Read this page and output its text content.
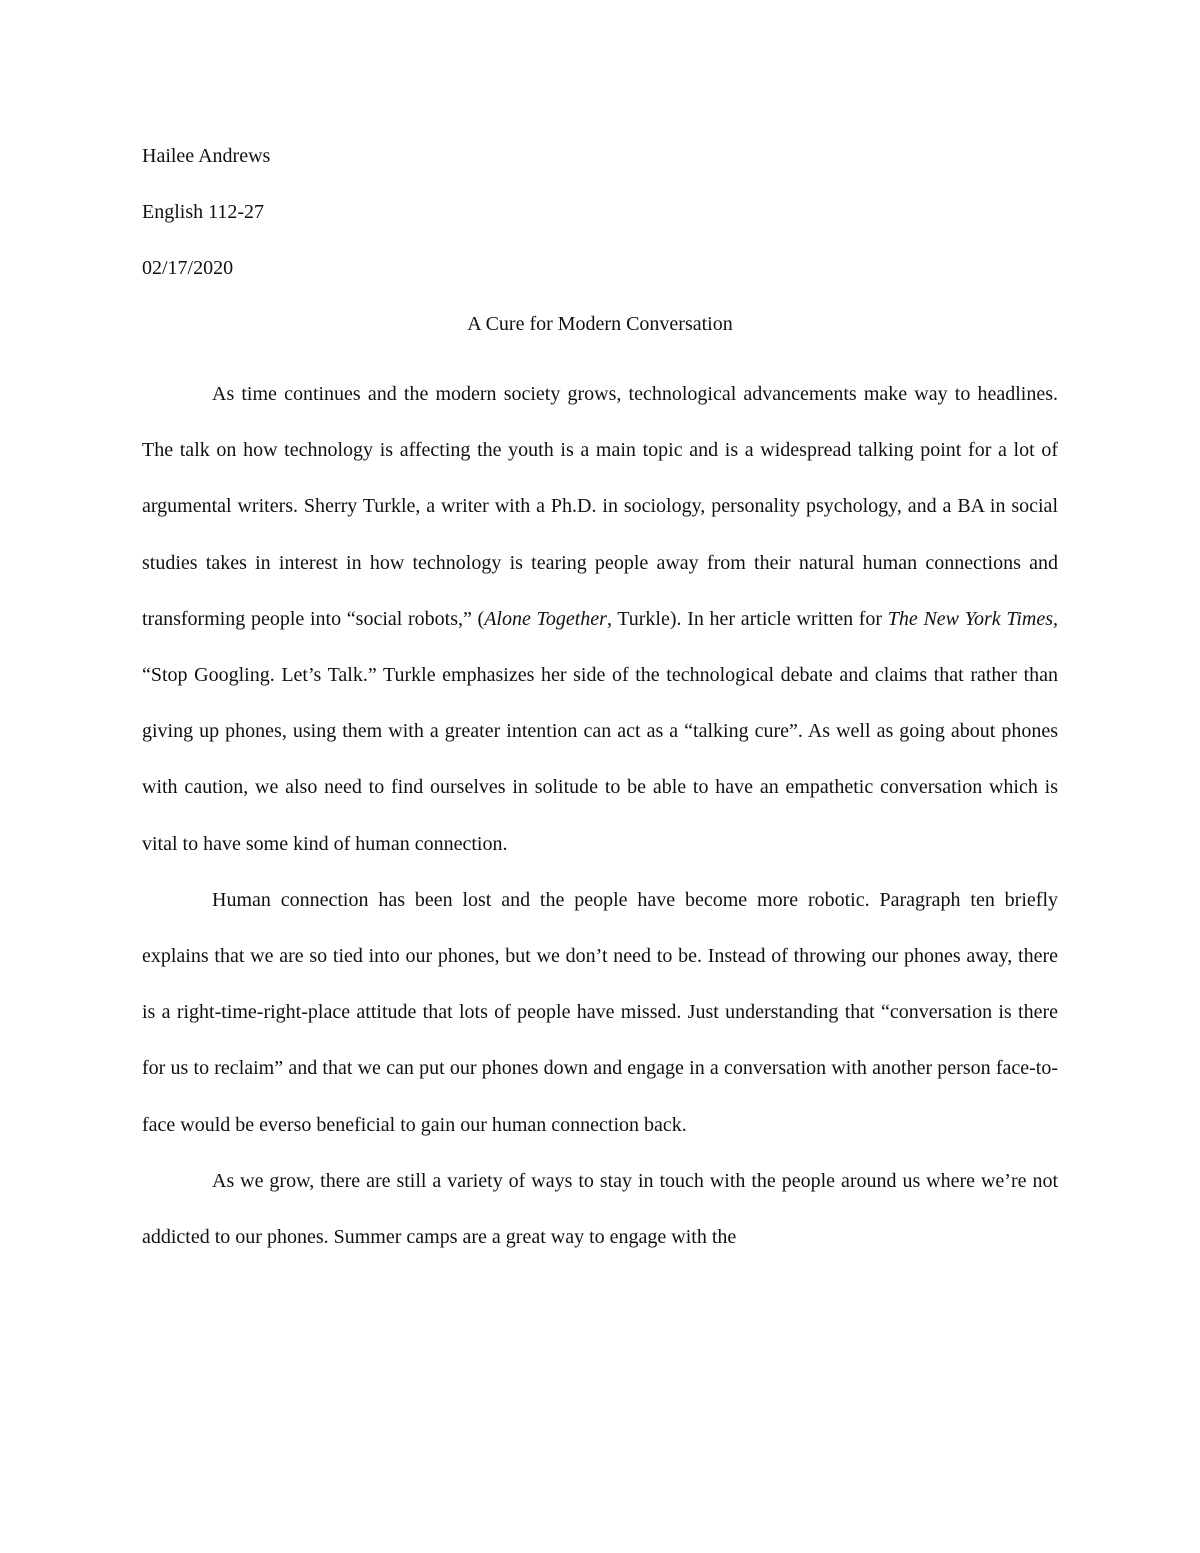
Hailee Andrews

English 112-27

02/17/2020

A Cure for Modern Conversation

As time continues and the modern society grows, technological advancements make way to headlines. The talk on how technology is affecting the youth is a main topic and is a widespread talking point for a lot of argumental writers. Sherry Turkle, a writer with a Ph.D. in sociology, personality psychology, and a BA in social studies takes in interest in how technology is tearing people away from their natural human connections and transforming people into “social robots,” (Alone Together, Turkle). In her article written for The New York Times, “Stop Googling. Let’s Talk.” Turkle emphasizes her side of the technological debate and claims that rather than giving up phones, using them with a greater intention can act as a “talking cure”. As well as going about phones with caution, we also need to find ourselves in solitude to be able to have an empathetic conversation which is vital to have some kind of human connection.

Human connection has been lost and the people have become more robotic. Paragraph ten briefly explains that we are so tied into our phones, but we don’t need to be. Instead of throwing our phones away, there is a right-time-right-place attitude that lots of people have missed. Just understanding that “conversation is there for us to reclaim” and that we can put our phones down and engage in a conversation with another person face-to-face would be everso beneficial to gain our human connection back.

As we grow, there are still a variety of ways to stay in touch with the people around us where we’re not addicted to our phones. Summer camps are a great way to engage with the
